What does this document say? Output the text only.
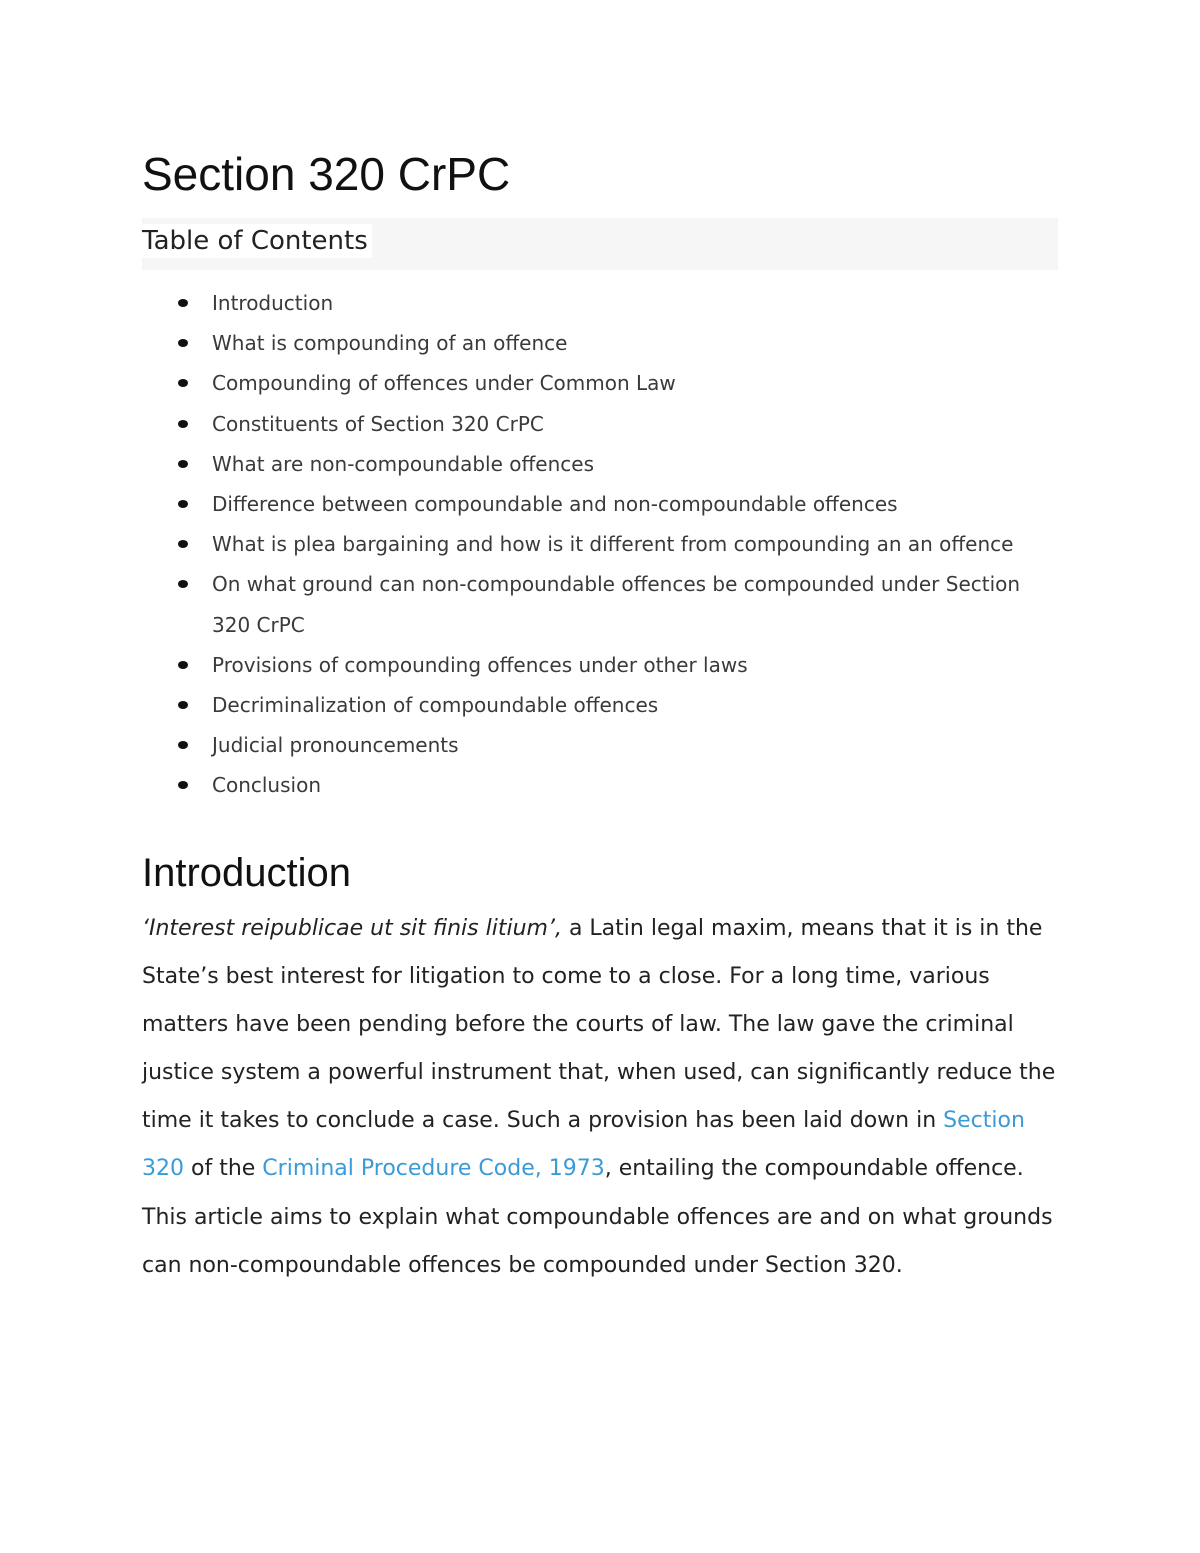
Section 320 CrPC
Table of Contents
Introduction
What is compounding of an offence
Compounding of offences under Common Law
Constituents of Section 320 CrPC
What are non-compoundable offences
Difference between compoundable and non-compoundable offences
What is plea bargaining and how is it different from compounding an an offence
On what ground can non-compoundable offences be compounded under Section 320 CrPC
Provisions of compounding offences under other laws
Decriminalization of compoundable offences
Judicial pronouncements
Conclusion
Introduction

‘Interest reipublicae ut sit finis litium’, a Latin legal maxim, means that it is in the State’s best interest for litigation to come to a close. For a long time, various matters have been pending before the courts of law. The law gave the criminal justice system a powerful instrument that, when used, can significantly reduce the time it takes to conclude a case. Such a provision has been laid down in Section 320 of the Criminal Procedure Code, 1973, entailing the compoundable offence. This article aims to explain what compoundable offences are and on what grounds can non-compoundable offences be compounded under Section 320.
